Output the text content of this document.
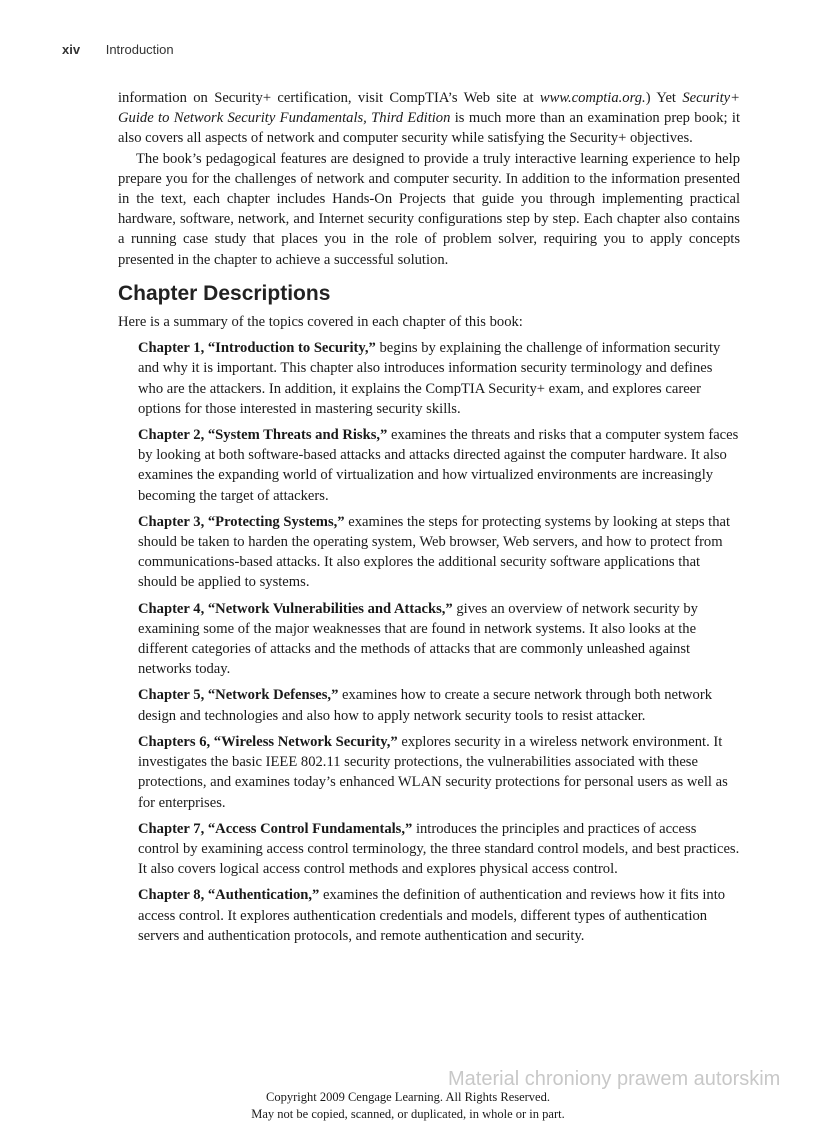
xiv Introduction

information on Security+ certification, visit CompTIA’s Web site at www.comptia.org.) Yet Security+ Guide to Network Security Fundamentals, Third Edition is much more than an examination prep book; it also covers all aspects of network and computer security while satisfying the Security+ objectives.

The book’s pedagogical features are designed to provide a truly interactive learning experience to help prepare you for the challenges of network and computer security. In addition to the information presented in the text, each chapter includes Hands-On Projects that guide you through implementing practical hardware, software, network, and Internet security configurations step by step. Each chapter also contains a running case study that places you in the role of problem solver, requiring you to apply concepts presented in the chapter to achieve a successful solution.

Chapter Descriptions

Here is a summary of the topics covered in each chapter of this book:

Chapter 1, “Introduction to Security,” begins by explaining the challenge of information security and why it is important. This chapter also introduces information security terminology and defines who are the attackers. In addition, it explains the CompTIA Security+ exam, and explores career options for those interested in mastering security skills.
Chapter 2, “System Threats and Risks,” examines the threats and risks that a computer system faces by looking at both software-based attacks and attacks directed against the computer hardware. It also examines the expanding world of virtualization and how virtualized environments are increasingly becoming the target of attackers.
Chapter 3, “Protecting Systems,” examines the steps for protecting systems by looking at steps that should be taken to harden the operating system, Web browser, Web servers, and how to protect from communications-based attacks. It also explores the additional security software applications that should be applied to systems.
Chapter 4, “Network Vulnerabilities and Attacks,” gives an overview of network security by examining some of the major weaknesses that are found in network systems. It also looks at the different categories of attacks and the methods of attacks that are commonly unleashed against networks today.
Chapter 5, “Network Defenses,” examines how to create a secure network through both network design and technologies and also how to apply network security tools to resist attacker.
Chapters 6, “Wireless Network Security,” explores security in a wireless network environment. It investigates the basic IEEE 802.11 security protections, the vulnerabilities associated with these protections, and examines today’s enhanced WLAN security protections for personal users as well as for enterprises.
Chapter 7, “Access Control Fundamentals,” introduces the principles and practices of access control by examining access control terminology, the three standard control models, and best practices. It also covers logical access control methods and explores physical access control.
Chapter 8, “Authentication,” examines the definition of authentication and reviews how it fits into access control. It explores authentication credentials and models, different types of authentication servers and authentication protocols, and remote authentication and security.
Material chroniony prawem autorskim
Copyright 2009 Cengage Learning. All Rights Reserved.
May not be copied, scanned, or duplicated, in whole or in part.
